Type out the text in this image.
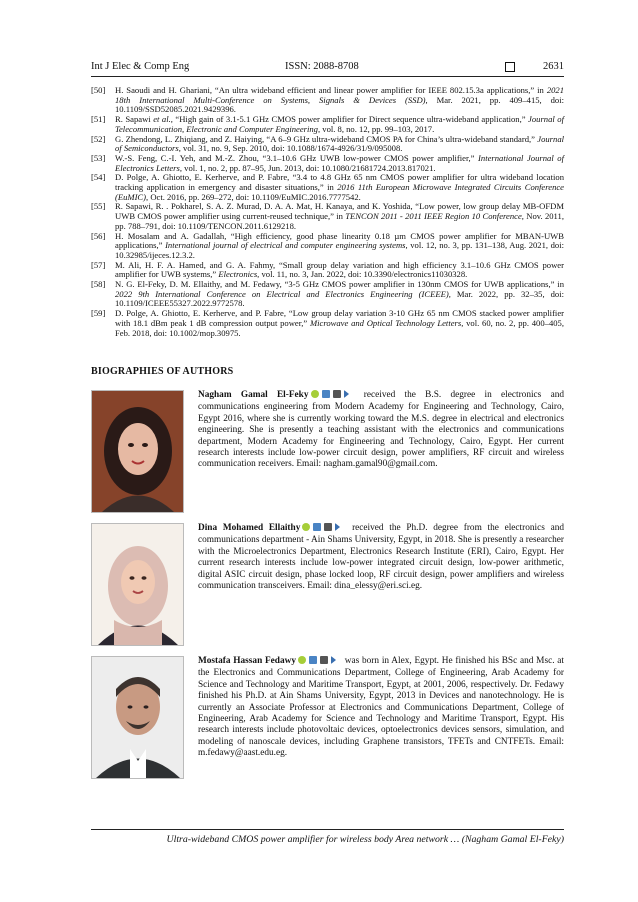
Int J Elec & Comp Eng	ISSN: 2088-8708	2631
[50]	H. Saoudi and H. Ghariani, “An ultra wideband efficient and linear power amplifier for IEEE 802.15.3a applications,” in 2021 18th International Multi-Conference on Systems, Signals & Devices (SSD), Mar. 2021, pp. 409–415, doi: 10.1109/SSD52085.2021.9429396.
[51]	R. Sapawi et al., “High gain of 3.1-5.1 GHz CMOS power amplifier for Direct sequence ultra-wideband application,” Journal of Telecommunication, Electronic and Computer Engineering, vol. 8, no. 12, pp. 99–103, 2017.
[52]	G. Zhendong, L. Zhiqiang, and Z. Haiying, “A 6–9 GHz ultra-wideband CMOS PA for China’s ultra-wideband standard,” Journal of Semiconductors, vol. 31, no. 9, Sep. 2010, doi: 10.1088/1674-4926/31/9/095008.
[53]	W.-S. Feng, C.-I. Yeh, and M.-Z. Zhou, “3.1–10.6 GHz UWB low-power CMOS power amplifier,” International Journal of Electronics Letters, vol. 1, no. 2, pp. 87–95, Jun. 2013, doi: 10.1080/21681724.2013.817021.
[54]	D. Polge, A. Ghiotto, E. Kerherve, and P. Fabre, “3.4 to 4.8 GHz 65 nm CMOS power amplifier for ultra wideband location tracking application in emergency and disaster situations,” in 2016 11th European Microwave Integrated Circuits Conference (EuMIC), Oct. 2016, pp. 269–272, doi: 10.1109/EuMIC.2016.7777542.
[55]	R. Sapawi, R. . Pokharel, S. A. Z. Murad, D. A. A. Mat, H. Kanaya, and K. Yoshida, “Low power, low group delay MB-OFDM UWB CMOS power amplifier using current-reused technique,” in TENCON 2011 - 2011 IEEE Region 10 Conference, Nov. 2011, pp. 788–791, doi: 10.1109/TENCON.2011.6129218.
[56]	H. Mosalam and A. Gadallah, “High efficiency, good phase linearity 0.18 µm CMOS power amplifier for MBAN-UWB applications,” International journal of electrical and computer engineering systems, vol. 12, no. 3, pp. 131–138, Aug. 2021, doi: 10.32985/ijeces.12.3.2.
[57]	M. Ali, H. F. A. Hamed, and G. A. Fahmy, “Small group delay variation and high efficiency 3.1–10.6 GHz CMOS power amplifier for UWB systems,” Electronics, vol. 11, no. 3, Jan. 2022, doi: 10.3390/electronics11030328.
[58]	N. G. El-Feky, D. M. Ellaithy, and M. Fedawy, “3-5 GHz CMOS power amplifier in 130nm CMOS for UWB applications,” in 2022 9th International Conference on Electrical and Electronics Engineering (ICEEE), Mar. 2022, pp. 32–35, doi: 10.1109/ICEEE55327.2022.9772578.
[59]	D. Polge, A. Ghiotto, E. Kerherve, and P. Fabre, “Low group delay variation 3-10 GHz 65 nm CMOS stacked power amplifier with 18.1 dBm peak 1 dB compression output power,” Microwave and Optical Technology Letters, vol. 60, no. 2, pp. 400–405, Feb. 2018, doi: 10.1002/mop.30975.
BIOGRAPHIES OF AUTHORS
Nagham Gamal El-Feky	received the B.S. degree in electronics and communications engineering from Modern Academy for Engineering and Technology, Cairo, Egypt 2016, where she is currently working toward the M.S. degree in electrical and electronics engineering. She is presently a teaching assistant with the electronics and communications department, Modern Academy for Engineering and Technology, Cairo, Egypt. Her current research interests include low-power circuit design, power amplifiers, RF circuit and wireless communication receivers. Email: nagham.gamal90@gmail.com.
Dina Mohamed Ellaithy	received the Ph.D. degree from the electronics and communications department - Ain Shams University, Egypt, in 2018. She is presently a researcher with the Microelectronics Department, Electronics Research Institute (ERI), Cairo, Egypt. Her current research interests include low-power integrated circuit design, low-power arithmetic, digital ASIC circuit design, phase locked loop, RF circuit design, power amplifiers and wireless communication transceivers. Email: dina_elessy@eri.sci.eg.
Mostafa Hassan Fedawy	was born in Alex, Egypt. He finished his BSc and Msc. at the Electronics and Communications Department, College of Engineering, Arab Academy for Science and Technology and Maritime Transport, Egypt, at 2001, 2006, respectively. Dr. Fedawy finished his Ph.D. at Ain Shams University, Egypt, 2013 in Devices and nanotechnology. He is currently an Associate Professor at Electronics and Communications Department, College of Engineering, Arab Academy for Science and Technology and Maritime Transport, Egypt. His research interests include photovoltaic devices, optoelectronics devices sensors, simulation, and modeling of nanoscale devices, including Graphene transistors, TFETs and CNTFETs. Email: m.fedawy@aast.edu.eg.
Ultra-wideband CMOS power amplifier for wireless body Area network … (Nagham Gamal El-Feky)
